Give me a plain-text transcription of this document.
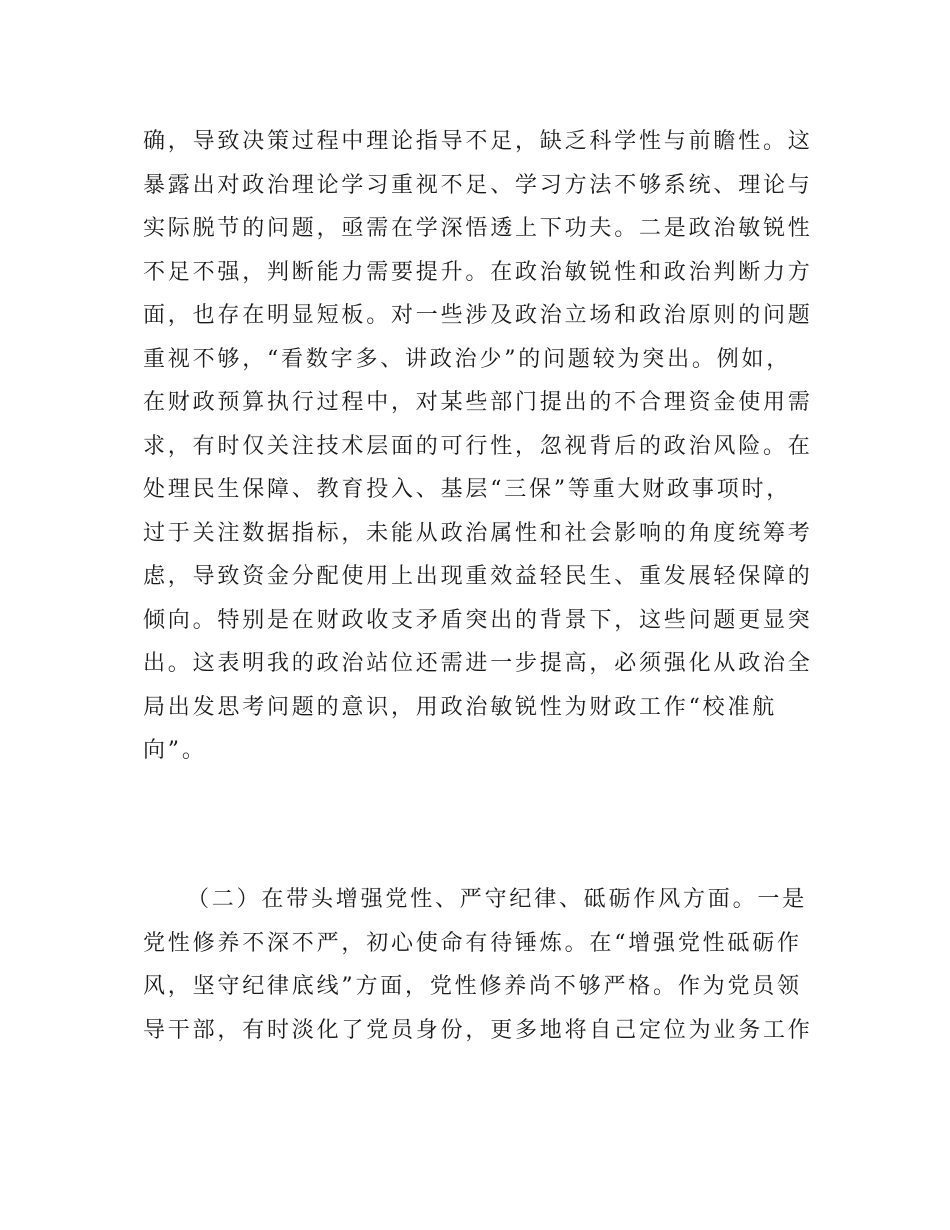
确，导致决策过程中理论指导不足，缺乏科学性与前瞻性。这
暴露出对政治理论学习重视不足、学习方法不够系统、理论与
实际脱节的问题，亟需在学深悟透上下功夫。二是政治敏锐性
不足不强，判断能力需要提升。在政治敏锐性和政治判断力方
面，也存在明显短板。对一些涉及政治立场和政治原则的问题
重视不够，“看数字多、讲政治少”的问题较为突出。例如，
在财政预算执行过程中，对某些部门提出的不合理资金使用需
求，有时仅关注技术层面的可行性，忽视背后的政治风险。在
处理民生保障、教育投入、基层“三保”等重大财政事项时，
过于关注数据指标，未能从政治属性和社会影响的角度统筹考
虑，导致资金分配使用上出现重效益轻民生、重发展轻保障的
倾向。特别是在财政收支矛盾突出的背景下，这些问题更显突
出。这表明我的政治站位还需进一步提高，必须强化从政治全
局出发思考问题的意识，用政治敏锐性为财政工作“校准航
向”。
（二）在带头增强党性、严守纪律、砥砺作风方面。一是
党性修养不深不严，初心使命有待锤炼。在“增强党性砥砺作
风，坚守纪律底线”方面，党性修养尚不够严格。作为党员领
导干部，有时淡化了党员身份，更多地将自己定位为业务工作
